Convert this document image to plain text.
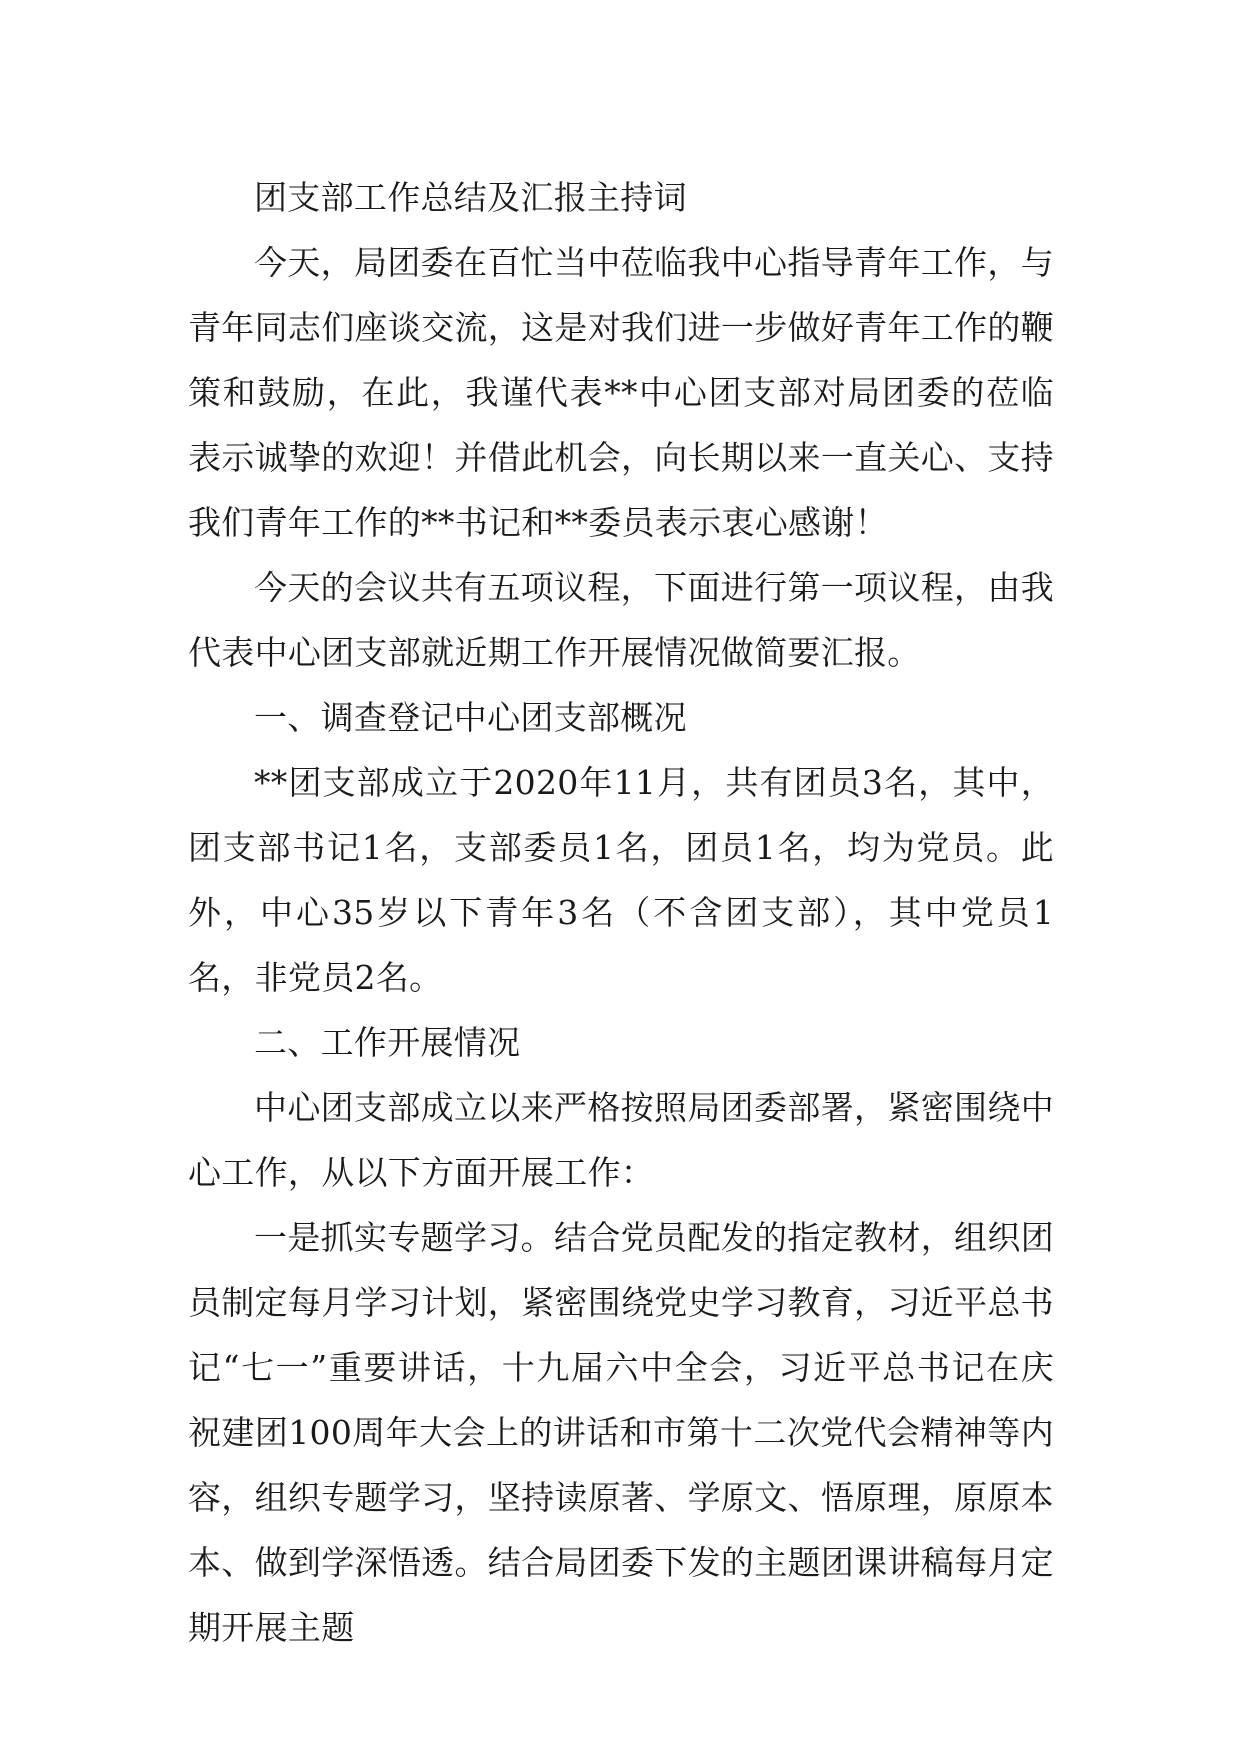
团支部工作总结及汇报主持词

今天，局团委在百忙当中莅临我中心指导青年工作，与青年同志们座谈交流，这是对我们进一步做好青年工作的鞭策和鼓励，在此，我谨代表**中心团支部对局团委的莅临表示诚挚的欢迎！并借此机会，向长期以来一直关心、支持我们青年工作的**书记和**委员表示衷心感谢！

今天的会议共有五项议程，下面进行第一项议程，由我代表中心团支部就近期工作开展情况做简要汇报。

一、调查登记中心团支部概况

**团支部成立于2020年11月，共有团员3名，其中，团支部书记1名，支部委员1名，团员1名，均为党员。此外，中心35岁以下青年3名（不含团支部），其中党员1名，非党员2名。

二、工作开展情况

中心团支部成立以来严格按照局团委部署，紧密围绕中心工作，从以下方面开展工作：

一是抓实专题学习。结合党员配发的指定教材，组织团员制定每月学习计划，紧密围绕党史学习教育，习近平总书记“七一”重要讲话，十九届六中全会，习近平总书记在庆祝建团100周年大会上的讲话和市第十二次党代会精神等内容，组织专题学习，坚持读原著、学原文、悟原理，原原本本、做到学深悟透。结合局团委下发的主题团课讲稿每月定期开展主题
